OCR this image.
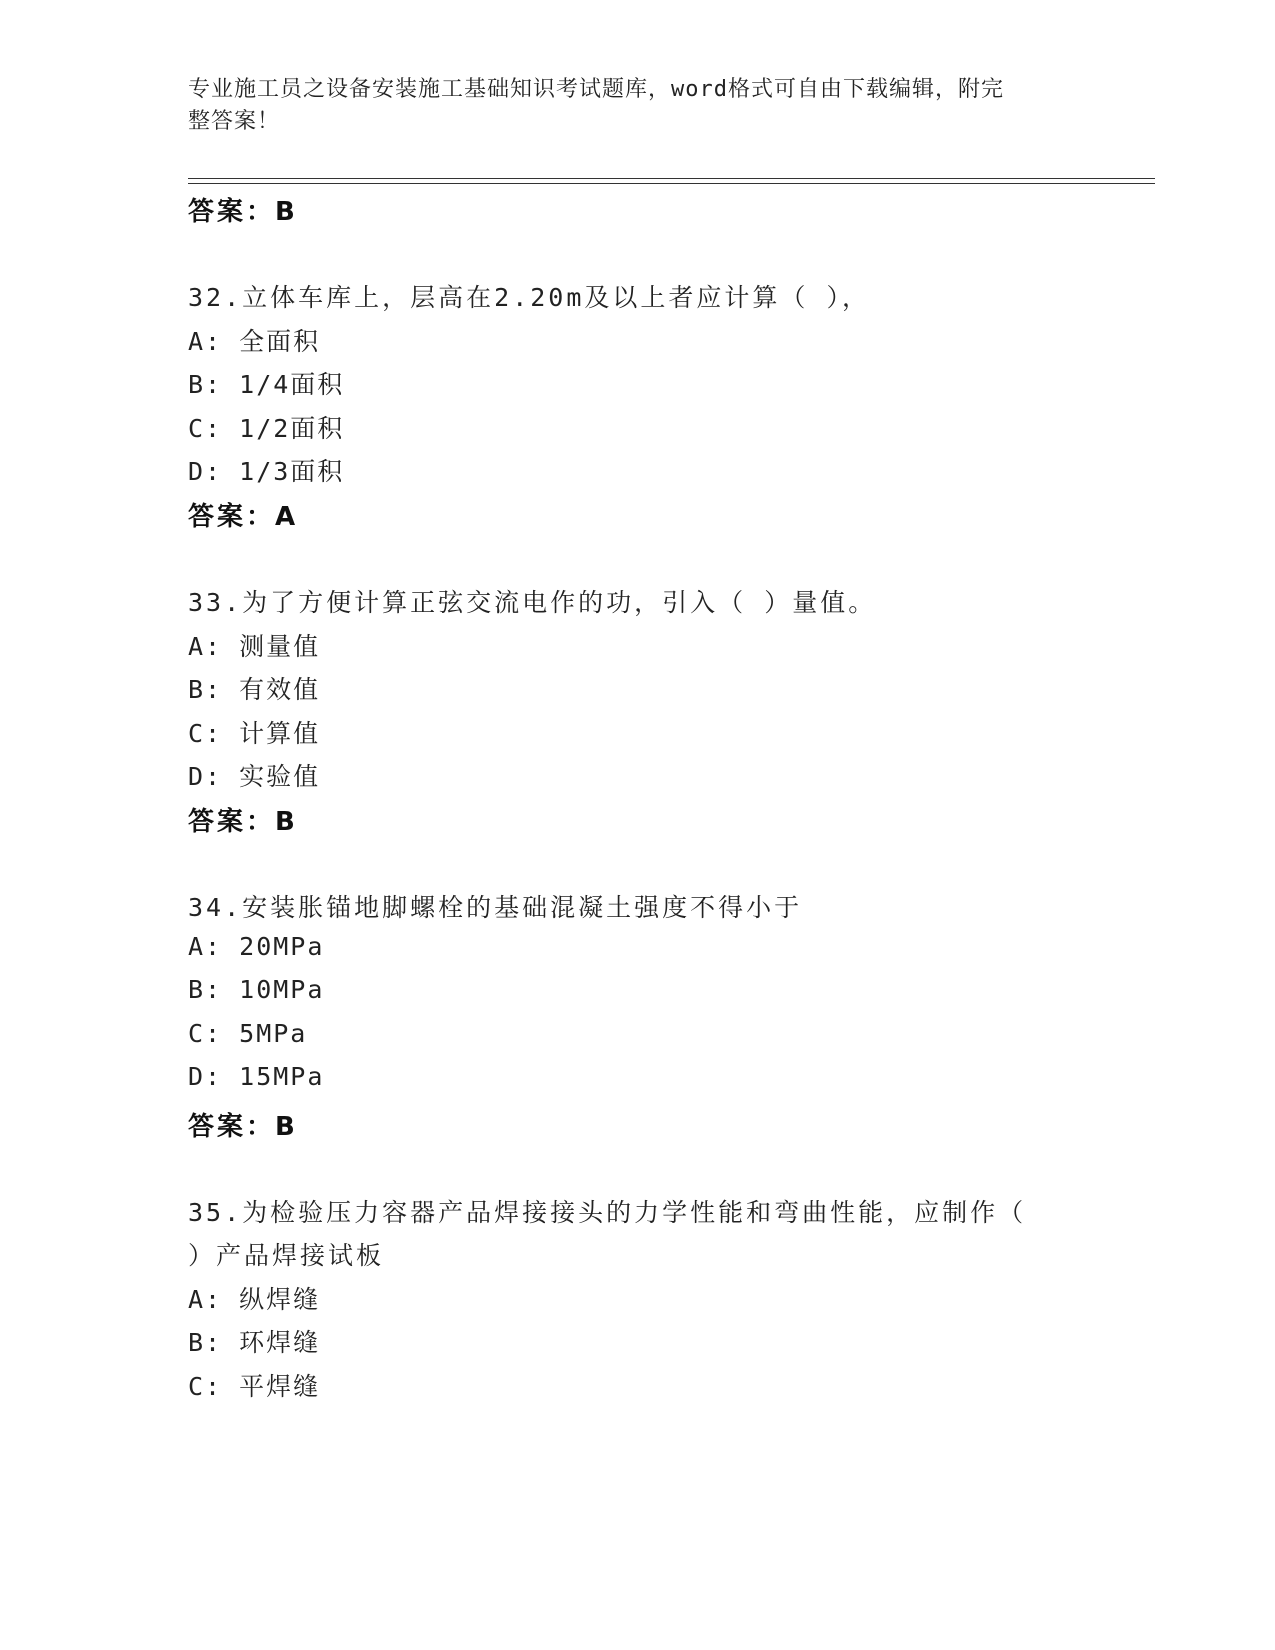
专业施工员之设备安装施工基础知识考试题库，word格式可自由下载编辑，附完
整答案！
答案：B
32.立体车库上，层高在2.20m及以上者应计算（ ），
A: 全面积
B: 1/4面积
C: 1/2面积
D: 1/3面积
答案：A
33.为了方便计算正弦交流电作的功，引入（ ）量值。
A: 测量值
B: 有效值
C: 计算值
D: 实验值
答案：B
34.安装胀锚地脚螺栓的基础混凝土强度不得小于
A: 20MPa
B: 10MPa
C: 5MPa
D: 15MPa
答案：B
35.为检验压力容器产品焊接接头的力学性能和弯曲性能，应制作（
）产品焊接试板
A: 纵焊缝
B: 环焊缝
C: 平焊缝
